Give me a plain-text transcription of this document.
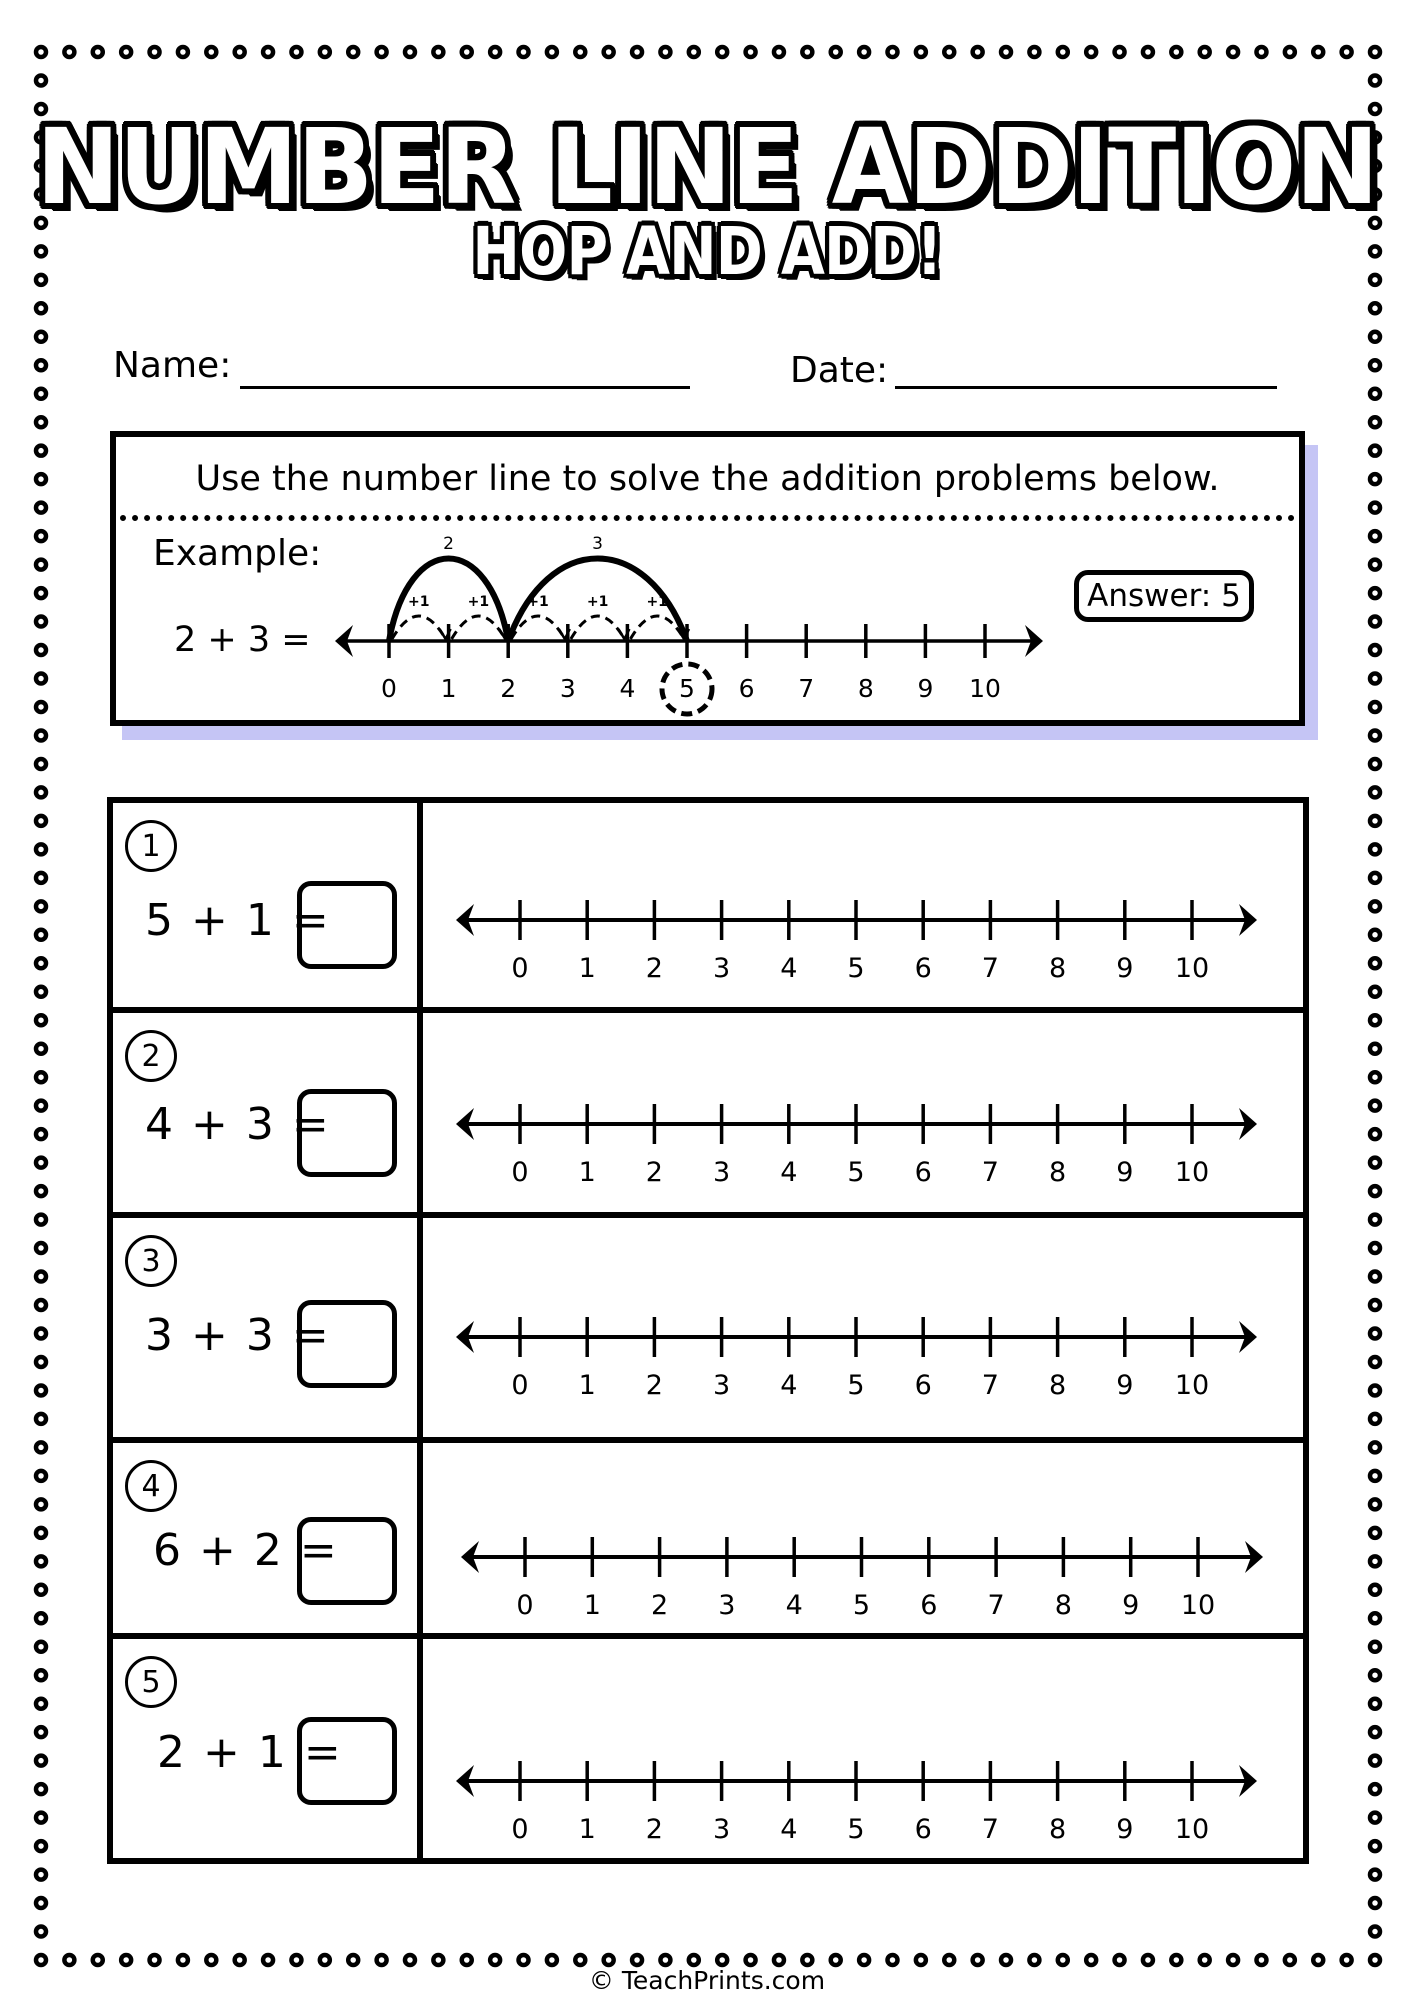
NUMBER LINE ADDITION
HOP AND ADD!
Name:	Date:
Use the number line to solve the addition problems below.
Example:
2 + 3 =
0 1 2 3 4 5 6 7 8 9 10
2	3
+1	+1	+1	+1	+1	Answer: 5
1
5 + 1 =
0 1 2 3 4 5 6 7 8 9 10
2
4 + 3 =
0 1 2 3 4 5 6 7 8 9 10
3
3 + 3 =
0 1 2 3 4 5 6 7 8 9 10
4
6 + 2 =
0 1 2 3 4 5 6 7 8 9 10
5
2 + 1 =
0 1 2 3 4 5 6 7 8 9 10
© TeachPrints.com
